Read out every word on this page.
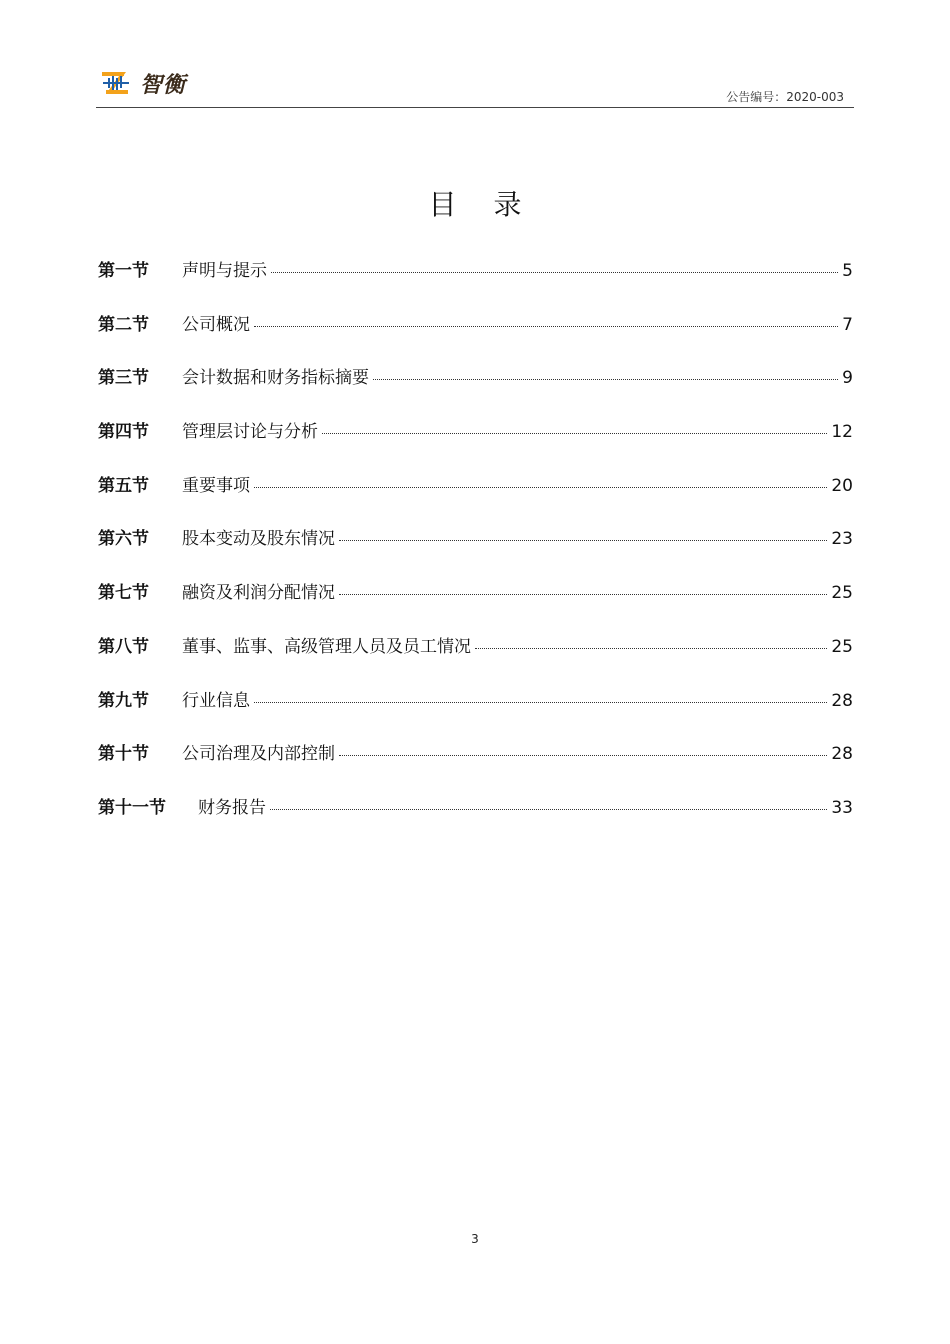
智衡	公告编号：2020-003
目 录
第一节	声明与提示	5
第二节	公司概况	7
第三节	会计数据和财务指标摘要	9
第四节	管理层讨论与分析	12
第五节	重要事项	20
第六节	股本变动及股东情况	23
第七节	融资及利润分配情况	25
第八节	董事、监事、高级管理人员及员工情况	25
第九节	行业信息	28
第十节	公司治理及内部控制	28
第十一节	财务报告	33
3
